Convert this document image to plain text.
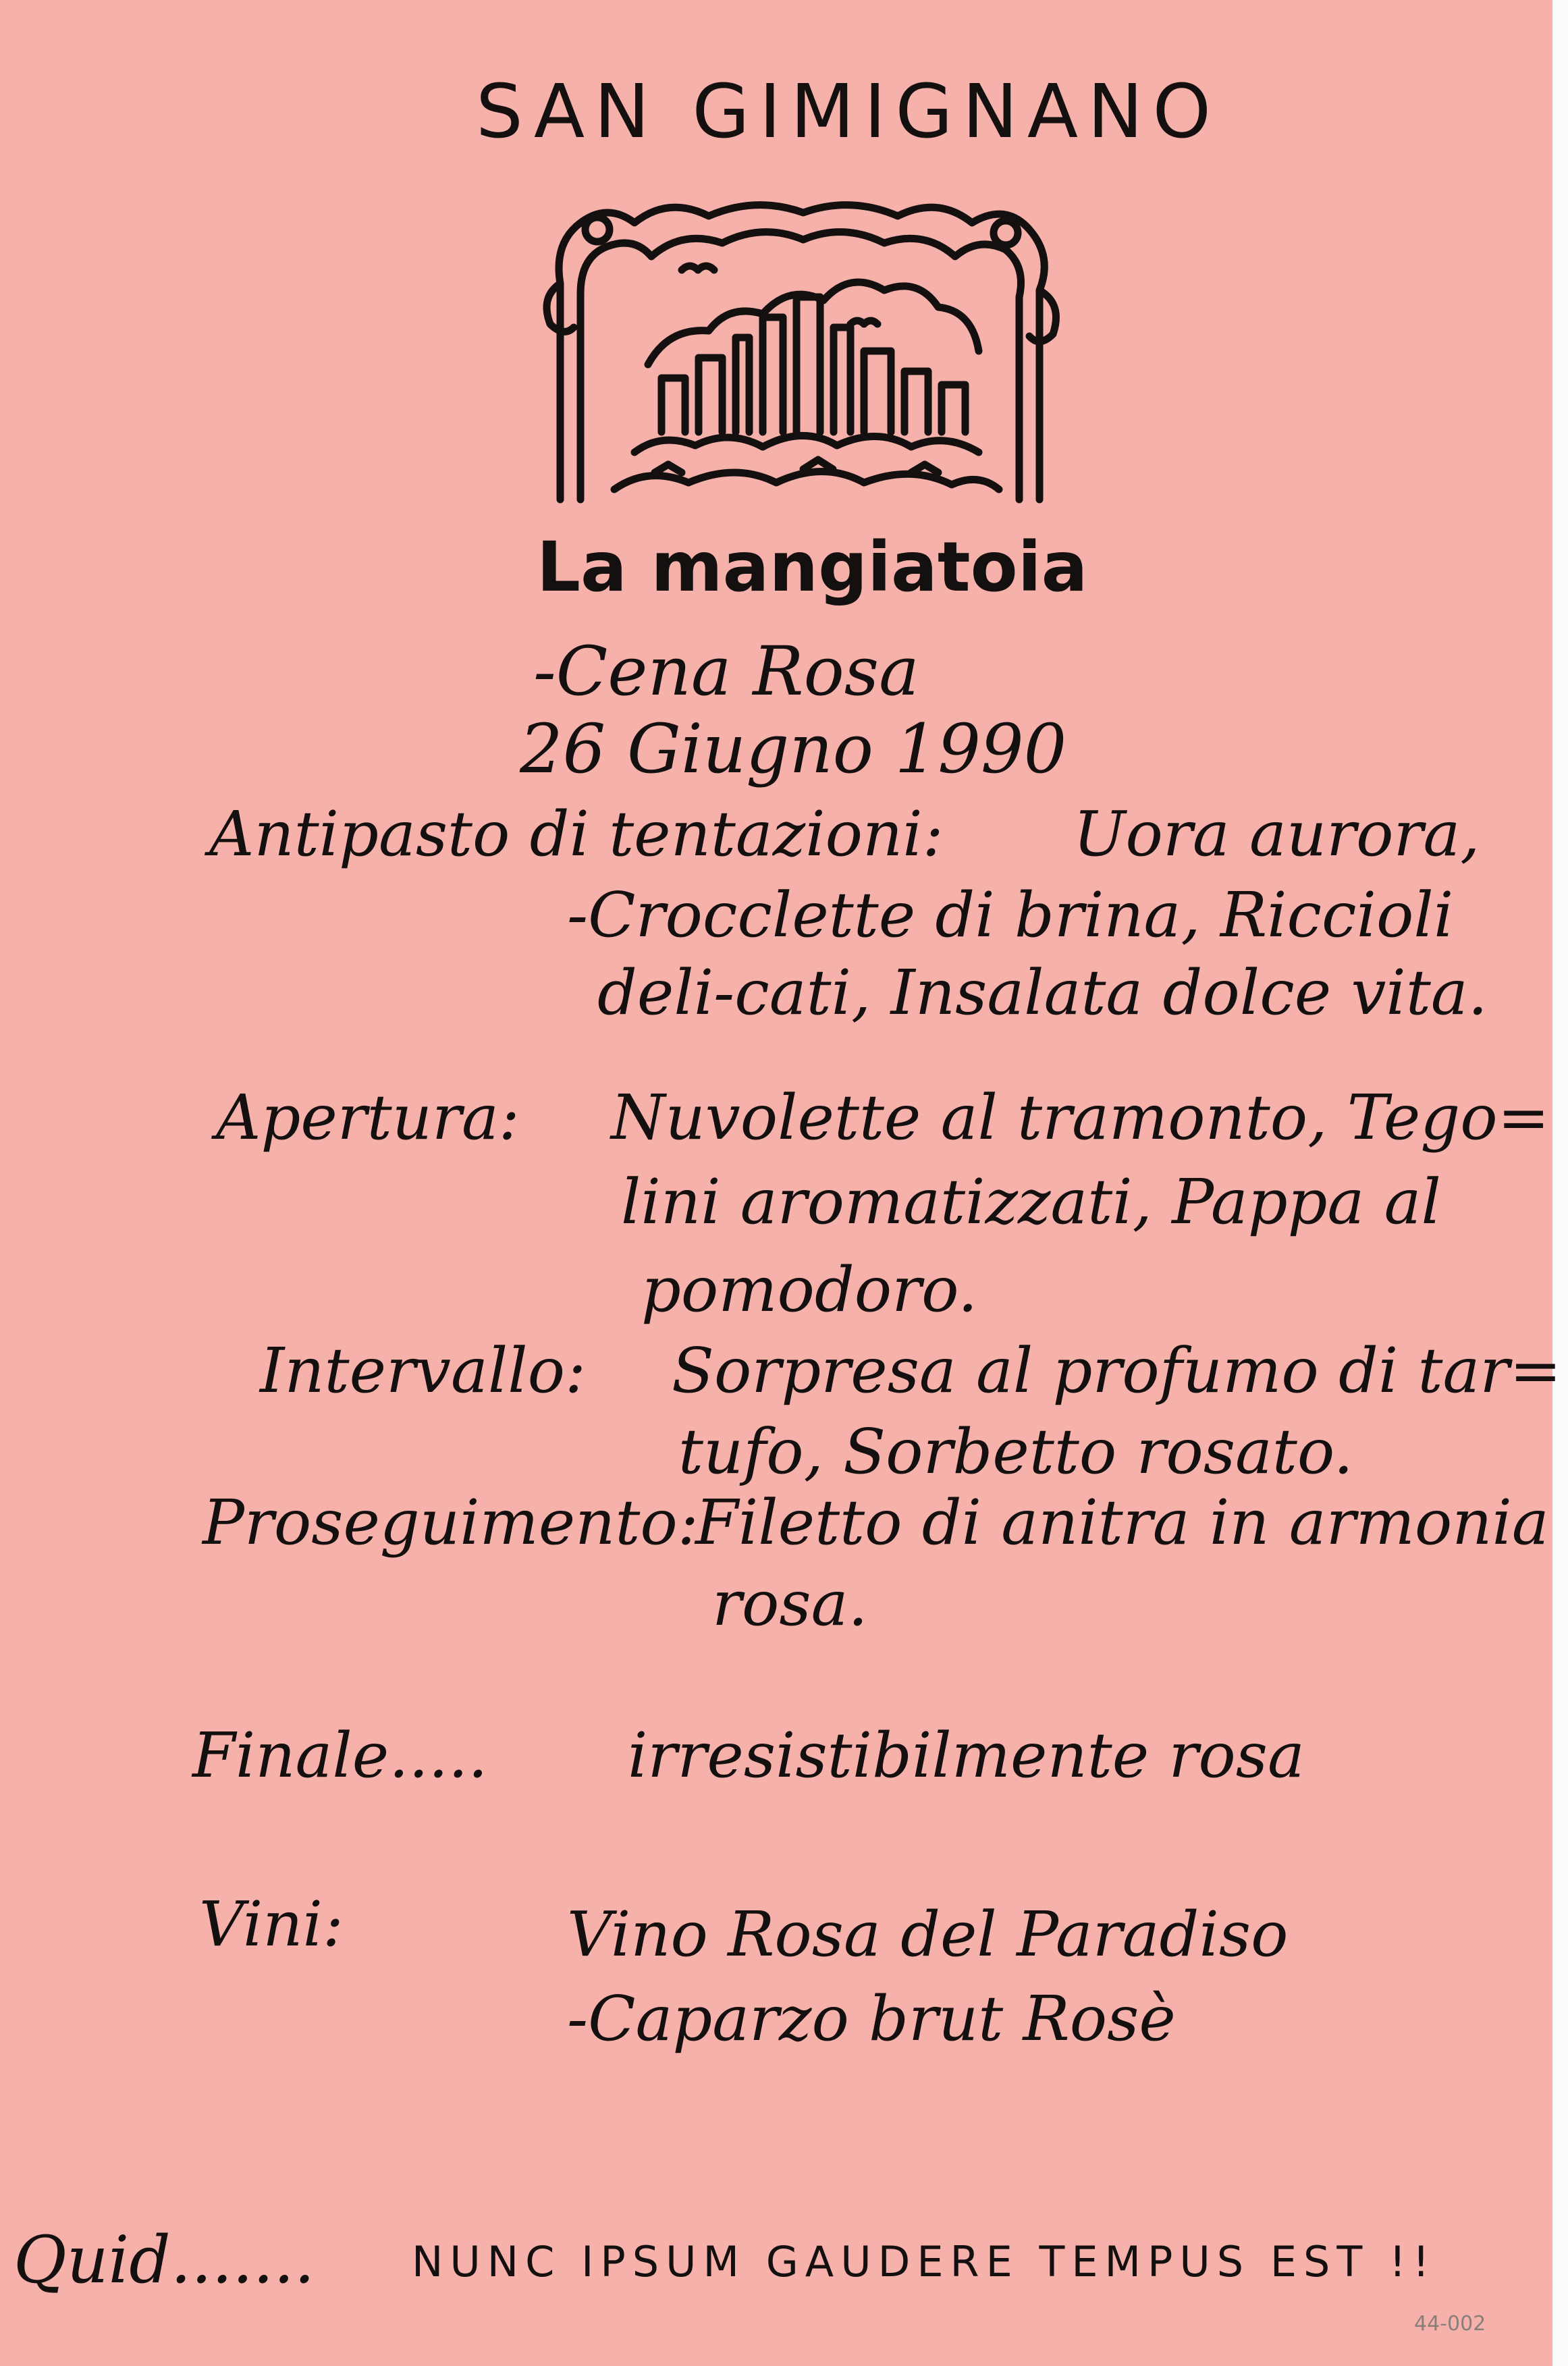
SAN GIMIGNANO
La mangiatoia
-Cena Rosa
26 Giugno 1990
Antipasto di tentazioni: Uora aurora,
-Crocclette di brina, Riccioli
deli-cati, Insalata dolce vita.
Apertura: Nuvolette al tramonto, Tego=
lini aromatizzati, Pappa al
pomodoro.
Intervallo: Sorpresa al profumo di tar=
tufo, Sorbetto rosato.
Proseguimento:
Filetto di anitra in armonia
rosa.
Finale..... irresistibilmente rosa
Vini:	Vino Rosa del Paradiso
-Caparzo brut Rosè
Quid....... NUNC IPSUM GAUDERE TEMPUS EST !!
44-002
